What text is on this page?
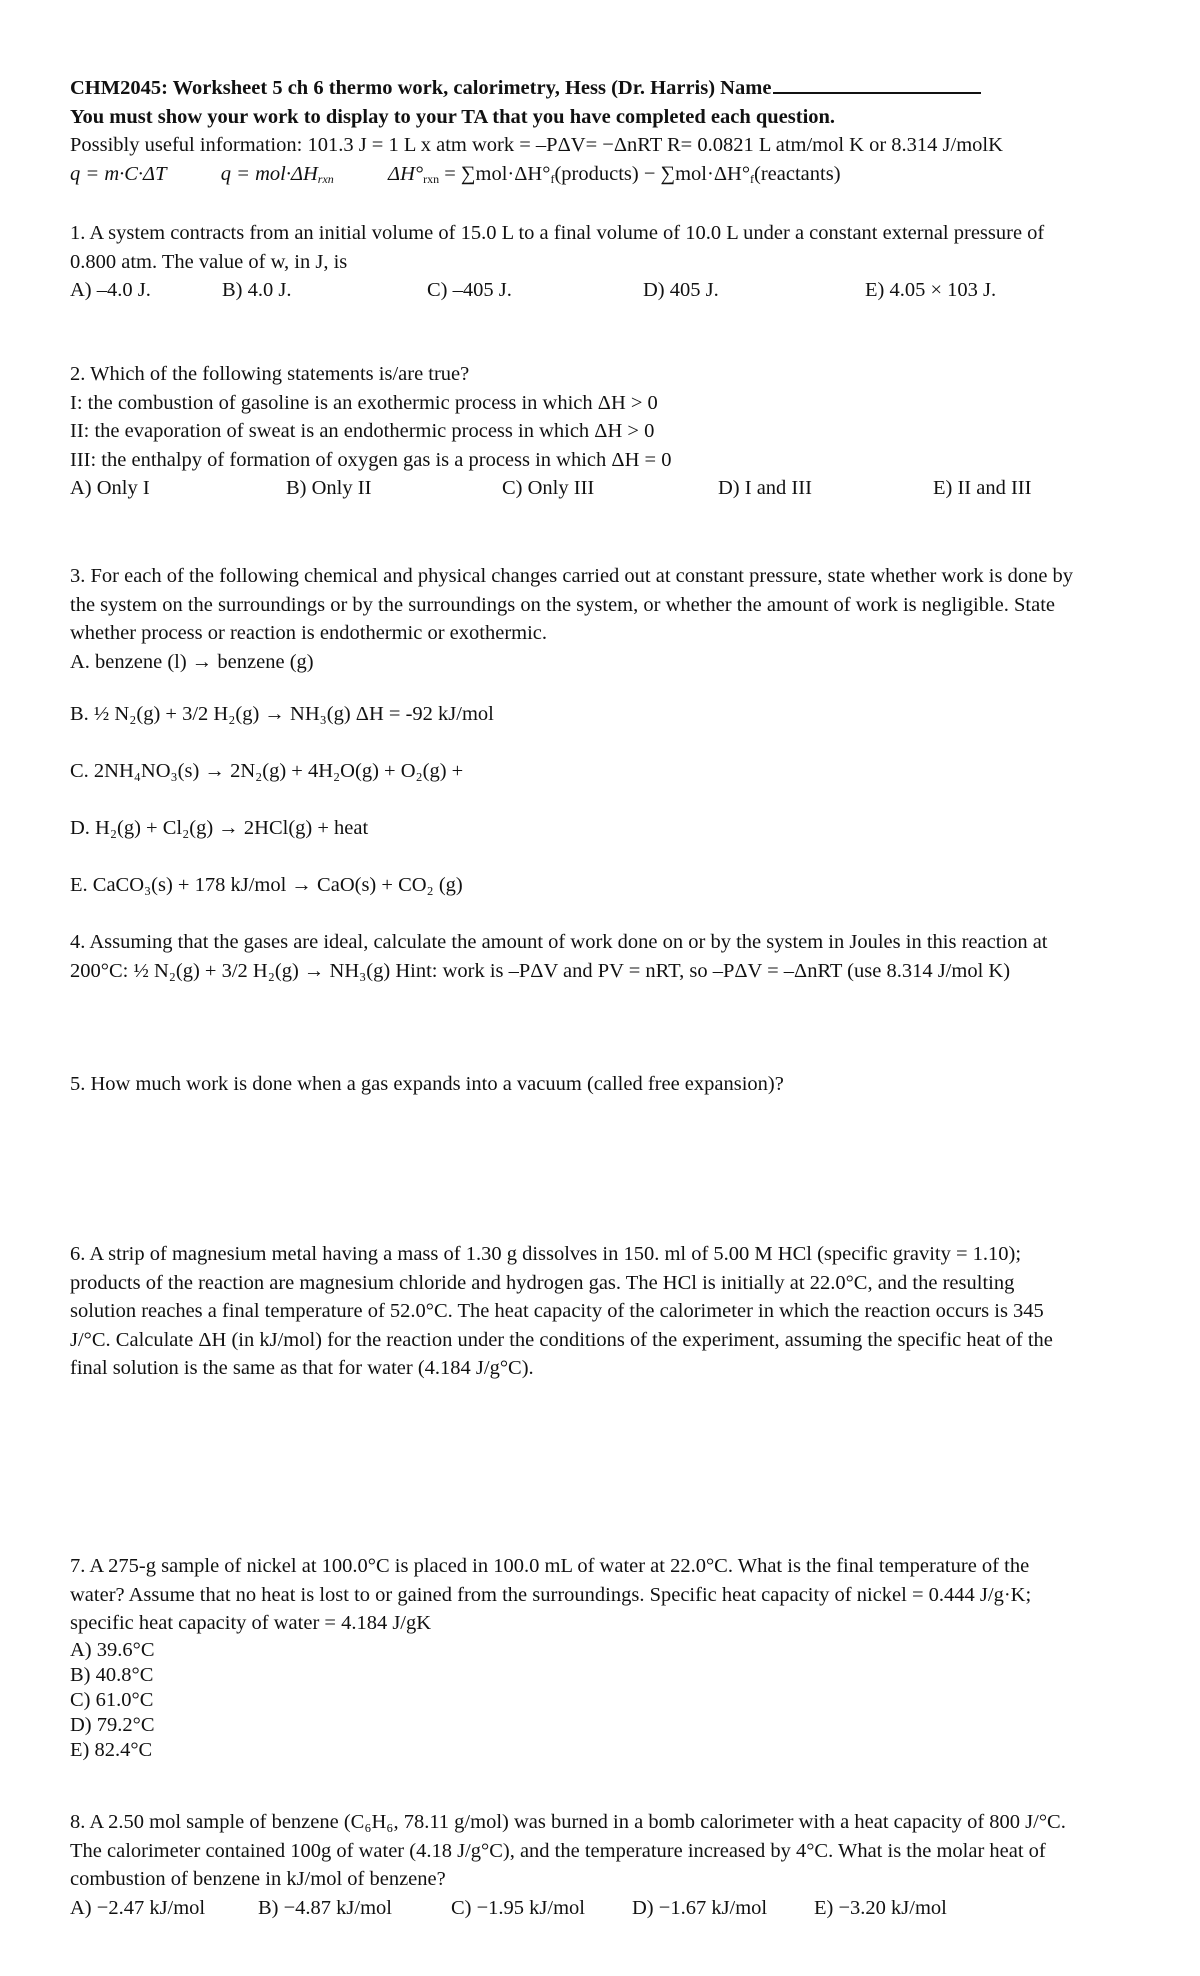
CHM2045: Worksheet 5 ch 6 thermo work, calorimetry, Hess (Dr. Harris) Name
You must show your work to display to your TA that you have completed each question.
Possibly useful information: 101.3 J = 1 L x atm work = –PΔV= −ΔnRT R= 0.0821 L atm/mol K or 8.314 J/molK
q = m·C·ΔT	$q = mol\cdot\Delta H_{rxn}$	$\Delta H^\circ_{rxn}$ = $\sum mol\cdot\Delta H^\circ_f(products)$ − $\sum mol\cdot\Delta H^\circ_f(reactants)$
1. A system contracts from an initial volume of 15.0 L to a final volume of 10.0 L under a constant external pressure of
0.800 atm. The value of w, in J, is
A) –4.0 J.	B) 4.0 J.	C) –405 J.	D) 405 J.	E) 4.05 × 103 J.
2. Which of the following statements is/are true?
I: the combustion of gasoline is an exothermic process in which ΔH > 0
II: the evaporation of sweat is an endothermic process in which ΔH > 0
III: the enthalpy of formation of oxygen gas is a process in which ΔH = 0
A) Only I	B) Only II	C) Only III	D) I and III	E) II and III
3. For each of the following chemical and physical changes carried out at constant pressure, state whether work is done by
the system on the surroundings or by the surroundings on the system, or whether the amount of work is negligible. State
whether process or reaction is endothermic or exothermic.
A. benzene (l) → benzene (g)
B. ½ N₂(g) + 3/2 H₂(g) → NH₃(g) ΔH = -92 kJ/mol
C. 2NH₄NO₃(s) → 2N₂(g) + 4H₂O(g) + O₂(g) +
D. H₂(g) + Cl₂(g) → 2HCl(g) + heat
E. CaCO₃(s) + 178 kJ/mol → CaO(s) + CO₂ (g)
4. Assuming that the gases are ideal, calculate the amount of work done on or by the system in Joules in this reaction at
200°C: ½ N₂(g) + 3/2 H₂(g) → NH₃(g) Hint: work is –PΔV and PV = nRT, so –PΔV = –ΔnRT (use 8.314 J/mol K)
5. How much work is done when a gas expands into a vacuum (called free expansion)?
6. A strip of magnesium metal having a mass of 1.30 g dissolves in 150. ml of 5.00 M HCl (specific gravity = 1.10);
products of the reaction are magnesium chloride and hydrogen gas. The HCl is initially at 22.0°C, and the resulting
solution reaches a final temperature of 52.0°C. The heat capacity of the calorimeter in which the reaction occurs is 345
J/°C. Calculate ΔH (in kJ/mol) for the reaction under the conditions of the experiment, assuming the specific heat of the
final solution is the same as that for water (4.184 J/g°C).
7. A 275-g sample of nickel at 100.0°C is placed in 100.0 mL of water at 22.0°C. What is the final temperature of the
water? Assume that no heat is lost to or gained from the surroundings. Specific heat capacity of nickel = 0.444 J/g·K;
specific heat capacity of water = 4.184 J/gK
A) 39.6°C
B) 40.8°C
C) 61.0°C
D) 79.2°C
E) 82.4°C
8. A 2.50 mol sample of benzene (C₆H₆, 78.11 g/mol) was burned in a bomb calorimeter with a heat capacity of 800 J/°C.
The calorimeter contained 100g of water (4.18 J/g°C), and the temperature increased by 4°C. What is the molar heat of
combustion of benzene in kJ/mol of benzene?
A) −2.47 kJ/mol	B) −4.87 kJ/mol	C) −1.95 kJ/mol D) −1.67 kJ/mol E) −3.20 kJ/mol
